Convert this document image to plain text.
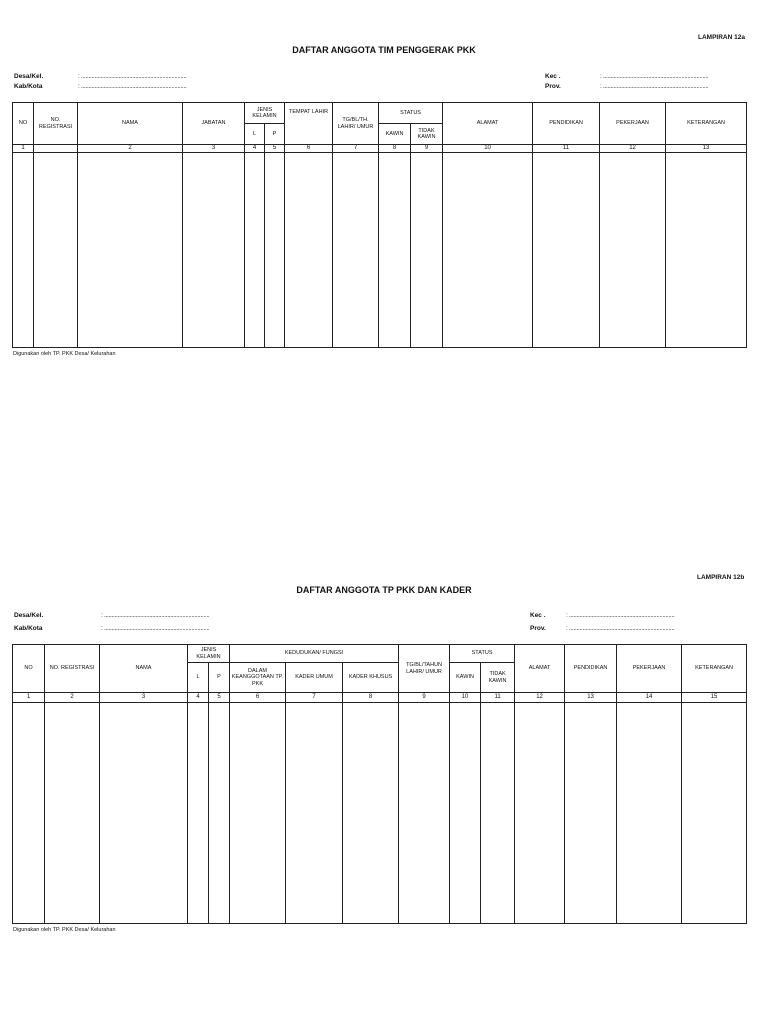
LAMPIRAN 12a
DAFTAR ANGGOTA TIM PENGGERAK PKK
Desa/Kel.	: ......................................................................
Kab/Kota	: ......................................................................
Kec .	: ......................................................................
Prov.	: ......................................................................
NO	NO. REGISTRASI	NAMA	JABATAN	JENIS KELAMIN		TEMPAT LAHIR	TG/BL/TH. LAHIR/ UMUR	STATUS		ALAMAT	PENDIDIKAN	PEKERJAAN	KETERANGAN
				L	P			KAWIN	TIDAK KAWIN				
1		2	3	4	5	6	7	8	9	10	11	12	13

Digunakan oleh TP. PKK Desa/ Kelurahan
LAMPIRAN 12b
DAFTAR ANGGOTA TP PKK DAN KADER
Desa/Kel.	: ......................................................................
Kab/Kota	: ......................................................................
Kec .	: ......................................................................
Prov.	: ......................................................................
NO	NO. REGISTRASI	NAMA	JENIS KELAMIN		KEDUDUKAN/ FUNGSI			TG/BL/TAHUN LAHIR/ UMUR	STATUS		ALAMAT	PENDIDIKAN	PEKERJAAN	KETERANGAN
			L	P	DALAM KEANGGOTAAN TP. PKK	KADER UMUM	KADER KHUSUS		KAWIN	TIDAK KAWIN				
1	2	3	4	5	6	7	8	9	10	11	12	13	14	15

Digunakan oleh TP. PKK Desa/ Kelurahan
